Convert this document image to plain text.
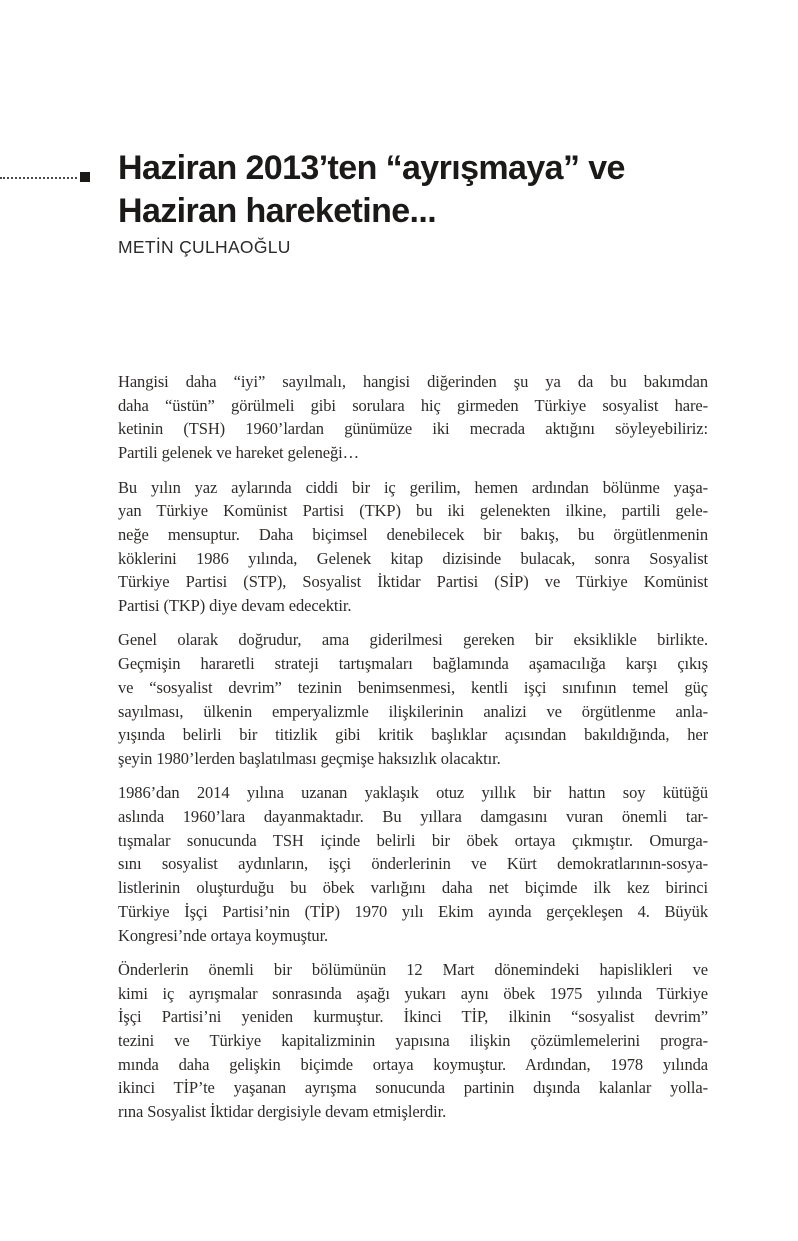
Haziran 2013’ten “ayrışmaya” ve
Haziran hareketine...
METİN ÇULHAOĞLU
Hangisi daha “iyi” sayılmalı, hangisi diğerinden şu ya da bu bakımdan
daha “üstün” görülmeli gibi sorulara hiç girmeden Türkiye sosyalist hare-
ketinin (TSH) 1960’lardan günümüze iki mecrada aktığını söyleyebiliriz:
Partili gelenek ve hareket geleneği…
Bu yılın yaz aylarında ciddi bir iç gerilim, hemen ardından bölünme yaşa-
yan Türkiye Komünist Partisi (TKP) bu iki gelenekten ilkine, partili gele-
neğe mensuptur. Daha biçimsel denebilecek bir bakış, bu örgütlenmenin
köklerini 1986 yılında, Gelenek kitap dizisinde bulacak, sonra Sosyalist
Türkiye Partisi (STP), Sosyalist İktidar Partisi (SİP) ve Türkiye Komünist
Partisi (TKP) diye devam edecektir.
Genel olarak doğrudur, ama giderilmesi gereken bir eksiklikle birlikte.
Geçmişin hararetli strateji tartışmaları bağlamında aşamacılığa karşı çıkış
ve “sosyalist devrim” tezinin benimsenmesi, kentli işçi sınıfının temel güç
sayılması, ülkenin emperyalizmle ilişkilerinin analizi ve örgütlenme anla-
yışında belirli bir titizlik gibi kritik başlıklar açısından bakıldığında, her
şeyin 1980’lerden başlatılması geçmişe haksızlık olacaktır.
1986’dan 2014 yılına uzanan yaklaşık otuz yıllık bir hattın soy kütüğü
aslında 1960’lara dayanmaktadır. Bu yıllara damgasını vuran önemli tar-
tışmalar sonucunda TSH içinde belirli bir öbek ortaya çıkmıştır. Omurga-
sını sosyalist aydınların, işçi önderlerinin ve Kürt demokratlarının-sosya-
listlerinin oluşturduğu bu öbek varlığını daha net biçimde ilk kez birinci
Türkiye İşçi Partisi’nin (TİP) 1970 yılı Ekim ayında gerçekleşen 4. Büyük
Kongresi’nde ortaya koymuştur.
Önderlerin önemli bir bölümünün 12 Mart dönemindeki hapislikleri ve
kimi iç ayrışmalar sonrasında aşağı yukarı aynı öbek 1975 yılında Türkiye
İşçi Partisi’ni yeniden kurmuştur. İkinci TİP, ilkinin “sosyalist devrim”
tezini ve Türkiye kapitalizminin yapısına ilişkin çözümlemelerini progra-
mında daha gelişkin biçimde ortaya koymuştur. Ardından, 1978 yılında
ikinci TİP’te yaşanan ayrışma sonucunda partinin dışında kalanlar yolla-
rına Sosyalist İktidar dergisiyle devam etmişlerdir.
